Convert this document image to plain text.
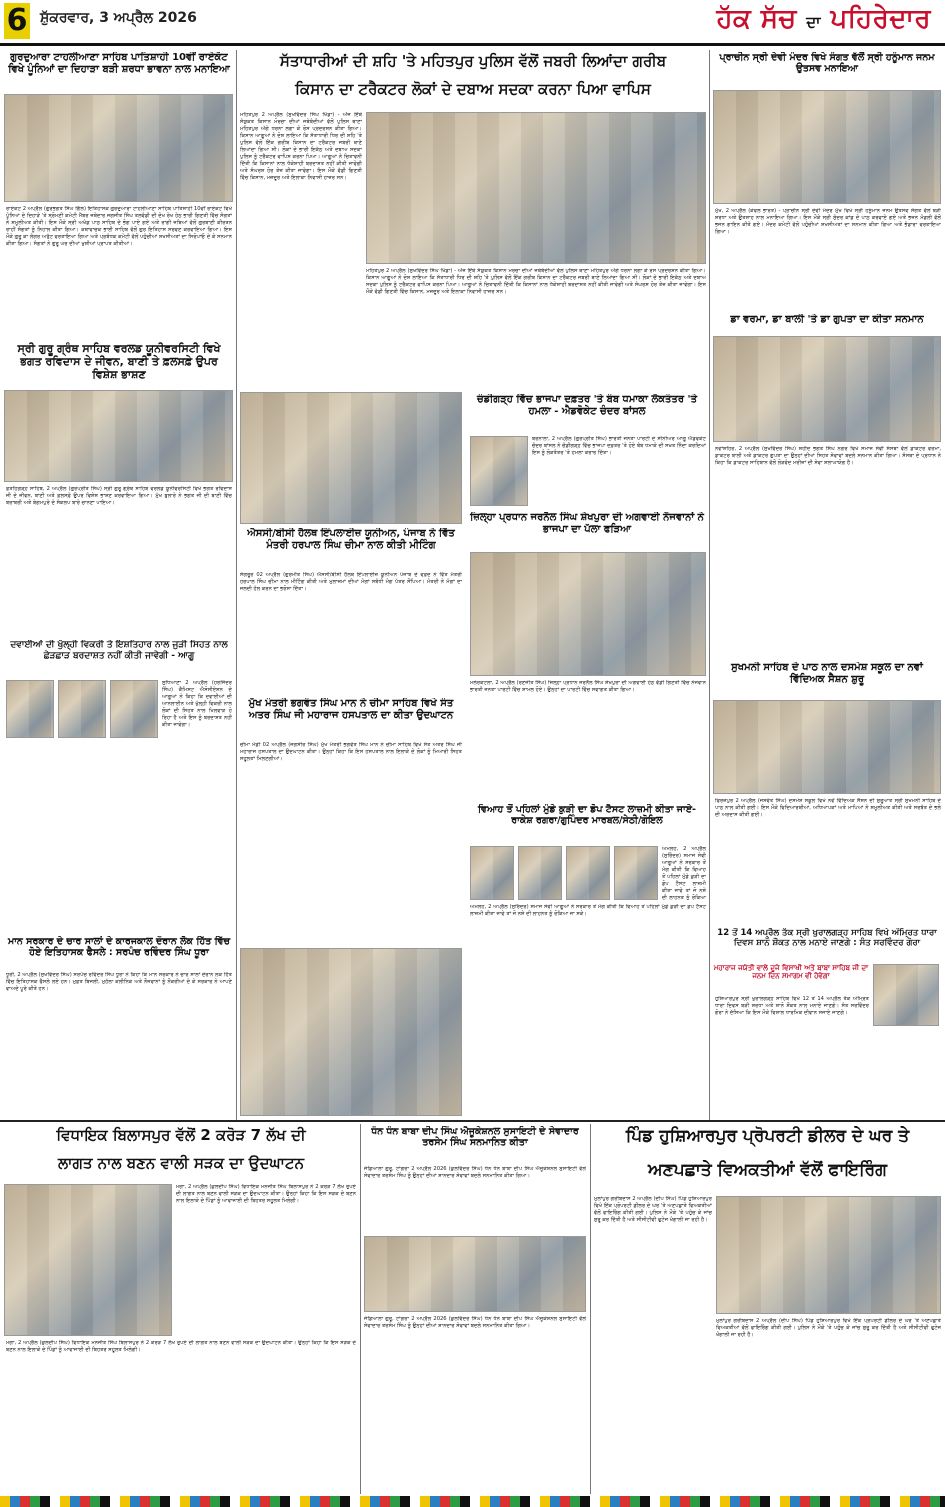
6 ਸ਼ੁੱਕਰਵਾਰ, 3 ਅਪ੍ਰੈਲ 2026	ਹੱਕ ਸੱਚ ਦਾ ਪਹਿਰੇਦਾਰ
ਗੁਰਦੁਆਰਾ ਟਾਹਲੀਆਣਾ ਸਾਹਿਬ ਪਾਤਿਸ਼ਾਹੀ 10ਵੀਂ ਰਾਏਕੋਟ ਵਿਖੇ ਪੂੰਨਿਆਂ ਦਾ ਦਿਹਾੜਾ ਬੜੀ ਸ਼ਰਧਾ ਭਾਵਨਾ ਨਾਲ ਮਨਾਇਆ
ਰਾਏਕੋਟ 2 ਅਪ੍ਰੈਲ (ਗੁਰਭਗਤ ਸਿੰਘ ਗਿੱਲ) ਇਤਿਹਾਸਕ ਗੁਰਦੁਆਰਾ ਟਾਹਲੀਆਣਾ ਸਾਹਿਬ ਪਾਤਿਸ਼ਾਹੀ 10ਵੀਂ ਰਾਏਕੋਟ ਵਿਖੇ ਪੂੰਨਿਆਂ ਦੇ ਦਿਹਾੜੇ 'ਤੇ ਸ੍ਰੋਮਣੀ ਕਮੇਟੀ ਮੈਂਬਰ ਜਥੇਦਾਰ ਜਗਜੀਤ ਸਿੰਘ ਤਲਵੰਡੀ ਦੀ ਦੇਖ ਰੇਖ ਹੇਠ ਭਾਰੀ ਗਿਣਤੀ ਵਿੱਚ ਸੰਗਤਾਂ ਨੇ ਸ਼ਮੂਲੀਅਤ ਕੀਤੀ। ਇਸ ਮੌਕੇ ਸ੍ਰੀ ਅਖੰਡ ਪਾਠ ਸਾਹਿਬ ਦੇ ਭੋਗ ਪਾਏ ਗਏ ਅਤੇ ਰਾਗੀ ਜਥਿਆਂ ਵੱਲੋਂ ਗੁਰਬਾਣੀ ਕੀਰਤਨ ਰਾਹੀਂ ਸੰਗਤਾਂ ਨੂੰ ਨਿਹਾਲ ਕੀਤਾ ਗਿਆ। ਕਥਾਵਾਚਕ ਭਾਈ ਸਾਹਿਬ ਵੱਲੋਂ ਗੁਰ ਇਤਿਹਾਸ ਸਰਵਣ ਕਰਵਾਇਆ ਗਿਆ। ਇਸ ਮੌਕੇ ਗੁਰੂ ਕਾ ਲੰਗਰ ਅਤੁੱਟ ਵਰਤਾਇਆ ਗਿਆ ਅਤੇ ਪ੍ਰਬੰਧਕ ਕਮੇਟੀ ਵੱਲੋਂ ਪਹੁੰਚੀਆਂ ਸ਼ਖਸੀਅਤਾਂ ਦਾ ਸਿਰੋਪਾਓ ਦੇ ਕੇ ਸਨਮਾਨ ਕੀਤਾ ਗਿਆ। ਸੰਗਤਾਂ ਨੇ ਗੁਰੂ ਘਰ ਦੀਆਂ ਖੁਸ਼ੀਆਂ ਪ੍ਰਾਪਤ ਕੀਤੀਆਂ।
ਸ੍ਰੀ ਗੁਰੂ ਗ੍ਰੰਥ ਸਾਹਿਬ ਵਰਲਡ ਯੂਨੀਵਰਸਿਟੀ ਵਿਖੇ ਭਗਤ ਰਵਿਦਾਸ ਦੇ ਜੀਵਨ, ਬਾਣੀ ਤੇ ਫ਼ਲਸਫ਼ੇ ਉਪਰ ਵਿਸ਼ੇਸ਼ ਭਾਸ਼ਣ
ਫ਼ਤਹਿਗੜ੍ਹ ਸਾਹਿਬ, 2 ਅਪ੍ਰੈਲ (ਗੁਰਪ੍ਰੀਤ ਸਿੰਘ) ਸ੍ਰੀ ਗੁਰੂ ਗ੍ਰੰਥ ਸਾਹਿਬ ਵਰਲਡ ਯੂਨੀਵਰਸਿਟੀ ਵਿਖੇ ਭਗਤ ਰਵਿਦਾਸ ਜੀ ਦੇ ਜੀਵਨ, ਬਾਣੀ ਅਤੇ ਫ਼ਲਸਫ਼ੇ ਉਪਰ ਵਿਸ਼ੇਸ਼ ਭਾਸ਼ਣ ਕਰਵਾਇਆ ਗਿਆ। ਮੁੱਖ ਬੁਲਾਰੇ ਨੇ ਭਗਤ ਜੀ ਦੀ ਬਾਣੀ ਵਿੱਚ ਬਰਾਬਰੀ ਅਤੇ ਬੇਗਮਪੁਰੇ ਦੇ ਸੰਕਲਪ ਬਾਰੇ ਚਾਨਣਾ ਪਾਇਆ।
ਦਵਾਈਆਂ ਦੀ ਖੁੱਲ੍ਹੀ ਵਿਕਰੀ ਤੇ ਇਸ਼ਤਿਹਾਰ ਨਾਲ ਜੁੜੀ ਸਿਹਤ ਨਾਲ ਛੇੜਛਾੜ ਬਰਦਾਸ਼ਤ ਨਹੀਂ ਕੀਤੀ ਜਾਵੇਗੀ - ਆਗੂ
ਲੁਧਿਆਣਾ 2 ਅਪ੍ਰੈਲ (ਹਰਜਿੰਦਰ ਸਿੰਘ) ਕੈਮਿਸਟ ਐਸੋਸੀਏਸ਼ਨ ਦੇ ਆਗੂਆਂ ਨੇ ਕਿਹਾ ਕਿ ਦਵਾਈਆਂ ਦੀ ਆਨਲਾਈਨ ਅਤੇ ਖੁੱਲ੍ਹੀ ਵਿਕਰੀ ਨਾਲ ਲੋਕਾਂ ਦੀ ਸਿਹਤ ਨਾਲ ਖਿਲਵਾੜ ਹੋ ਰਿਹਾ ਹੈ ਅਤੇ ਇਸ ਨੂੰ ਬਰਦਾਸ਼ਤ ਨਹੀਂ ਕੀਤਾ ਜਾਵੇਗਾ।
ਮਾਨ ਸਰਕਾਰ ਦੇ ਚਾਰ ਸਾਲਾਂ ਦੇ ਕਾਰਜਕਾਲ ਦੌਰਾਨ ਲੋਕ ਹਿੱਤ ਵਿੱਚ ਹੋਏ ਇਤਿਹਾਸਕ ਫੈਸਲੇ : ਸਰਪੰਚ ਰਵਿੰਦਰ ਸਿੰਘ ਧੂਰਾ
ਧੂਰੀ, 2 ਅਪ੍ਰੈਲ (ਸੁਖਵਿੰਦਰ ਸਿੰਘ) ਸਰਪੰਚ ਰਵਿੰਦਰ ਸਿੰਘ ਧੂਰਾ ਨੇ ਕਿਹਾ ਕਿ ਮਾਨ ਸਰਕਾਰ ਨੇ ਚਾਰ ਸਾਲਾਂ ਦੌਰਾਨ ਲੋਕ ਹਿੱਤ ਵਿੱਚ ਇਤਿਹਾਸਕ ਫੈਸਲੇ ਲਏ ਹਨ। ਮੁਫ਼ਤ ਬਿਜਲੀ, ਮੁਹੱਲਾ ਕਲੀਨਿਕ ਅਤੇ ਨੌਜਵਾਨਾਂ ਨੂੰ ਨੌਕਰੀਆਂ ਦੇ ਕੇ ਸਰਕਾਰ ਨੇ ਆਪਣੇ ਵਾਅਦੇ ਪੂਰੇ ਕੀਤੇ ਹਨ।
ਸੱਤਾਧਾਰੀਆਂ ਦੀ ਸ਼ਹਿ 'ਤੇ ਮਹਿਤਪੁਰ ਪੁਲਿਸ ਵੱਲੋਂ ਜਬਰੀ ਲਿਆਂਦਾ ਗਰੀਬ
ਕਿਸਾਨ ਦਾ ਟਰੈਕਟਰ ਲੋਕਾਂ ਦੇ ਦਬਾਅ ਸਦਕਾ ਕਰਨਾ ਪਿਆ ਵਾਪਿਸ
ਮਹਿਤਪੁਰ 2 ਅਪ੍ਰੈਲ (ਸੁਖਵਿੰਦਰ ਸਿੰਘ ਖਿੰਡਾ) - ਅੱਜ ਇੱਥੇ ਸੰਯੁਕਤ ਕਿਸਾਨ ਮੋਰਚਾ ਦੀਆਂ ਜਥੇਬੰਦੀਆਂ ਵੱਲੋਂ ਪੁਲਿਸ ਥਾਣਾ ਮਹਿਤਪੁਰ ਅੱਗੇ ਧਰਨਾ ਲਗਾ ਕੇ ਰੋਸ ਪ੍ਰਦਰਸ਼ਨ ਕੀਤਾ ਗਿਆ। ਕਿਸਾਨ ਆਗੂਆਂ ਨੇ ਦੋਸ਼ ਲਾਇਆ ਕਿ ਸੱਤਾਧਾਰੀ ਧਿਰ ਦੀ ਸ਼ਹਿ 'ਤੇ ਪੁਲਿਸ ਵੱਲੋਂ ਇੱਕ ਗਰੀਬ ਕਿਸਾਨ ਦਾ ਟਰੈਕਟਰ ਜਬਰੀ ਥਾਣੇ ਲਿਆਂਦਾ ਗਿਆ ਸੀ। ਲੋਕਾਂ ਦੇ ਭਾਰੀ ਇਕੱਠ ਅਤੇ ਦਬਾਅ ਸਦਕਾ ਪੁਲਿਸ ਨੂੰ ਟਰੈਕਟਰ ਵਾਪਿਸ ਕਰਨਾ ਪਿਆ। ਆਗੂਆਂ ਨੇ ਚਿਤਾਵਨੀ ਦਿੱਤੀ ਕਿ ਕਿਸਾਨਾਂ ਨਾਲ ਧੱਕੇਸ਼ਾਹੀ ਬਰਦਾਸ਼ਤ ਨਹੀਂ ਕੀਤੀ ਜਾਵੇਗੀ ਅਤੇ ਸੰਘਰਸ਼ ਹੋਰ ਤੇਜ਼ ਕੀਤਾ ਜਾਵੇਗਾ। ਇਸ ਮੌਕੇ ਵੱਡੀ ਗਿਣਤੀ ਵਿੱਚ ਕਿਸਾਨ, ਮਜ਼ਦੂਰ ਅਤੇ ਇਲਾਕਾ ਨਿਵਾਸੀ ਹਾਜ਼ਰ ਸਨ।
ਮਹਿਤਪੁਰ 2 ਅਪ੍ਰੈਲ (ਸੁਖਵਿੰਦਰ ਸਿੰਘ ਖਿੰਡਾ) - ਅੱਜ ਇੱਥੇ ਸੰਯੁਕਤ ਕਿਸਾਨ ਮੋਰਚਾ ਦੀਆਂ ਜਥੇਬੰਦੀਆਂ ਵੱਲੋਂ ਪੁਲਿਸ ਥਾਣਾ ਮਹਿਤਪੁਰ ਅੱਗੇ ਧਰਨਾ ਲਗਾ ਕੇ ਰੋਸ ਪ੍ਰਦਰਸ਼ਨ ਕੀਤਾ ਗਿਆ। ਕਿਸਾਨ ਆਗੂਆਂ ਨੇ ਦੋਸ਼ ਲਾਇਆ ਕਿ ਸੱਤਾਧਾਰੀ ਧਿਰ ਦੀ ਸ਼ਹਿ 'ਤੇ ਪੁਲਿਸ ਵੱਲੋਂ ਇੱਕ ਗਰੀਬ ਕਿਸਾਨ ਦਾ ਟਰੈਕਟਰ ਜਬਰੀ ਥਾਣੇ ਲਿਆਂਦਾ ਗਿਆ ਸੀ। ਲੋਕਾਂ ਦੇ ਭਾਰੀ ਇਕੱਠ ਅਤੇ ਦਬਾਅ ਸਦਕਾ ਪੁਲਿਸ ਨੂੰ ਟਰੈਕਟਰ ਵਾਪਿਸ ਕਰਨਾ ਪਿਆ। ਆਗੂਆਂ ਨੇ ਚਿਤਾਵਨੀ ਦਿੱਤੀ ਕਿ ਕਿਸਾਨਾਂ ਨਾਲ ਧੱਕੇਸ਼ਾਹੀ ਬਰਦਾਸ਼ਤ ਨਹੀਂ ਕੀਤੀ ਜਾਵੇਗੀ ਅਤੇ ਸੰਘਰਸ਼ ਹੋਰ ਤੇਜ਼ ਕੀਤਾ ਜਾਵੇਗਾ। ਇਸ ਮੌਕੇ ਵੱਡੀ ਗਿਣਤੀ ਵਿੱਚ ਕਿਸਾਨ, ਮਜ਼ਦੂਰ ਅਤੇ ਇਲਾਕਾ ਨਿਵਾਸੀ ਹਾਜ਼ਰ ਸਨ।
ਐਸਸੀ/ਬੀਸੀ ਹੈਲਥ ਇੰਪਲਾਈਜ਼ ਯੂਨੀਅਨ, ਪੰਜਾਬ ਨੇ ਵਿੱਤ ਮੰਤਰੀ ਹਰਪਾਲ ਸਿੰਘ ਚੀਮਾ ਨਾਲ ਕੀਤੀ ਮੀਟਿੰਗ
ਸੰਗਰੂਰ 02 ਅਪ੍ਰੈਲ (ਗੁਰਮੀਤ ਸਿੰਘ) ਐਸਸੀ/ਬੀਸੀ ਹੈਲਥ ਇੰਪਲਾਈਜ਼ ਯੂਨੀਅਨ ਪੰਜਾਬ ਦੇ ਵਫ਼ਦ ਨੇ ਵਿੱਤ ਮੰਤਰੀ ਹਰਪਾਲ ਸਿੰਘ ਚੀਮਾ ਨਾਲ ਮੀਟਿੰਗ ਕੀਤੀ ਅਤੇ ਮੁਲਾਜ਼ਮਾਂ ਦੀਆਂ ਮੰਗਾਂ ਸਬੰਧੀ ਮੰਗ ਪੱਤਰ ਸੌਂਪਿਆ। ਮੰਤਰੀ ਨੇ ਮੰਗਾਂ ਦਾ ਜਲਦੀ ਹੱਲ ਕਰਨ ਦਾ ਭਰੋਸਾ ਦਿੱਤਾ।
ਮੁੱਖ ਮੰਤਰੀ ਭਗਵੰਤ ਸਿੰਘ ਮਾਨ ਨੇ ਚੀਮਾ ਸਾਹਿਬ ਵਿਖੇ ਸੰਤ ਅਤਰ ਸਿੰਘ ਜੀ ਮਹਾਰਾਜ ਹਸਪਤਾਲ ਦਾ ਕੀਤਾ ਉਦਘਾਟਨ
ਚੀਮਾ ਮੰਡੀ 02 ਅਪ੍ਰੈਲ (ਜਗਸੀਰ ਸਿੰਘ) ਮੁੱਖ ਮੰਤਰੀ ਭਗਵੰਤ ਸਿੰਘ ਮਾਨ ਨੇ ਚੀਮਾ ਸਾਹਿਬ ਵਿਖੇ ਸੰਤ ਅਤਰ ਸਿੰਘ ਜੀ ਮਹਾਰਾਜ ਹਸਪਤਾਲ ਦਾ ਉਦਘਾਟਨ ਕੀਤਾ। ਉਨ੍ਹਾਂ ਕਿਹਾ ਕਿ ਇਸ ਹਸਪਤਾਲ ਨਾਲ ਇਲਾਕੇ ਦੇ ਲੋਕਾਂ ਨੂੰ ਮਿਆਰੀ ਸਿਹਤ ਸਹੂਲਤਾਂ ਮਿਲਣਗੀਆਂ।
ਚੰਡੀਗੜ੍ਹ ਵਿੱਚ ਭਾਜਪਾ ਦਫ਼ਤਰ 'ਤੇ ਬੰਬ ਧਮਾਕਾ ਲੋਕਤੰਤਰ 'ਤੇ ਹਮਲਾ - ਐਡਵੋਕੇਟ ਚੰਦਰ ਬਾਂਸਲ
ਬਰਨਾਲਾ, 2 ਅਪ੍ਰੈਲ (ਗੁਰਪ੍ਰੀਤ ਸਿੰਘ) ਭਾਰਤੀ ਜਨਤਾ ਪਾਰਟੀ ਦੇ ਸੀਨੀਅਰ ਆਗੂ ਐਡਵੋਕੇਟ ਚੰਦਰ ਬਾਂਸਲ ਨੇ ਚੰਡੀਗੜ੍ਹ ਵਿੱਚ ਭਾਜਪਾ ਦਫ਼ਤਰ 'ਤੇ ਹੋਏ ਬੰਬ ਧਮਾਕੇ ਦੀ ਸਖ਼ਤ ਨਿੰਦਾ ਕਰਦਿਆਂ ਇਸ ਨੂੰ ਲੋਕਤੰਤਰ 'ਤੇ ਹਮਲਾ ਕਰਾਰ ਦਿੱਤਾ।
ਜ਼ਿਲ੍ਹਾ ਪ੍ਰਧਾਨ ਜਰਨੈਲ ਸਿੰਘ ਸ਼ੇਖਪੁਰਾ ਦੀ ਅਗਵਾਈ ਨੌਜਵਾਨਾਂ ਨੇ ਭਾਜਪਾ ਦਾ ਪੱਲਾ ਫੜਿਆ
ਮਲੇਰਕੋਟਲਾ, 2 ਅਪ੍ਰੈਲ (ਰਣਜੀਤ ਸਿੰਘ) ਜ਼ਿਲ੍ਹਾ ਪ੍ਰਧਾਨ ਜਰਨੈਲ ਸਿੰਘ ਸ਼ੇਖਪੁਰਾ ਦੀ ਅਗਵਾਈ ਹੇਠ ਵੱਡੀ ਗਿਣਤੀ ਵਿੱਚ ਨੌਜਵਾਨ ਭਾਰਤੀ ਜਨਤਾ ਪਾਰਟੀ ਵਿੱਚ ਸ਼ਾਮਲ ਹੋਏ। ਉਨ੍ਹਾਂ ਦਾ ਪਾਰਟੀ ਵਿੱਚ ਸਵਾਗਤ ਕੀਤਾ ਗਿਆ।
ਵਿਆਹ ਤੋਂ ਪਹਿਲਾਂ ਮੁੰਡੇ ਕੁੜੀ ਦਾ ਡੋਪ ਟੈਸਟ ਲਾਜ਼ਮੀ ਕੀਤਾ ਜਾਏ-ਰਾਕੇਸ਼ ਰਗਰਾ/ਗੁਪਿੰਦਰ ਮਾਰਬਲ/ਸੇਠੀ/ਗੋਇਲ
ਅਮਲੋਹ, 2 ਅਪ੍ਰੈਲ (ਸੁਰਿੰਦਰ) ਸਮਾਜ ਸੇਵੀ ਆਗੂਆਂ ਨੇ ਸਰਕਾਰ ਤੋਂ ਮੰਗ ਕੀਤੀ ਕਿ ਵਿਆਹ ਤੋਂ ਪਹਿਲਾਂ ਮੁੰਡੇ ਕੁੜੀ ਦਾ ਡੋਪ ਟੈਸਟ ਲਾਜ਼ਮੀ ਕੀਤਾ ਜਾਵੇ ਤਾਂ ਜੋ ਨਸ਼ੇ ਦੀ ਲਾਹਨਤ ਨੂੰ ਰੋਕਿਆ
ਅਮਲੋਹ, 2 ਅਪ੍ਰੈਲ (ਸੁਰਿੰਦਰ) ਸਮਾਜ ਸੇਵੀ ਆਗੂਆਂ ਨੇ ਸਰਕਾਰ ਤੋਂ ਮੰਗ ਕੀਤੀ ਕਿ ਵਿਆਹ ਤੋਂ ਪਹਿਲਾਂ ਮੁੰਡੇ ਕੁੜੀ ਦਾ ਡੋਪ ਟੈਸਟ ਲਾਜ਼ਮੀ ਕੀਤਾ ਜਾਵੇ ਤਾਂ ਜੋ ਨਸ਼ੇ ਦੀ ਲਾਹਨਤ ਨੂੰ ਰੋਕਿਆ ਜਾ ਸਕੇ।
ਪ੍ਰਾਚੀਨ ਸ੍ਰੀ ਦੇਵੀ ਮੰਦਰ ਵਿਖੇ ਸੰਗਤ ਵੱਲੋਂ ਸ੍ਰੀ ਹਨੂੰਮਾਨ ਜਨਮ ਉਤਸਵ ਮਨਾਇਆ
ਮੁੱਖ, 2 ਅਪ੍ਰੈਲ (ਕੇਵਲ ਭਾਰਤ) - ਪ੍ਰਾਚੀਨ ਸ੍ਰੀ ਦੇਵੀ ਮੰਦਰ ਮੁੱਖ ਵਿਖੇ ਸ੍ਰੀ ਹਨੂੰਮਾਨ ਜਨਮ ਉਤਸਵ ਸੰਗਤ ਵੱਲੋਂ ਬੜੀ ਸ਼ਰਧਾ ਅਤੇ ਉਤਸ਼ਾਹ ਨਾਲ ਮਨਾਇਆ ਗਿਆ। ਇਸ ਮੌਕੇ ਸ੍ਰੀ ਸੁੰਦਰ ਕਾਂਡ ਦੇ ਪਾਠ ਕਰਵਾਏ ਗਏ ਅਤੇ ਭਜਨ ਮੰਡਲੀ ਵੱਲੋਂ ਭਜਨ ਗਾਇਨ ਕੀਤੇ ਗਏ। ਮੰਦਰ ਕਮੇਟੀ ਵੱਲੋਂ ਪਹੁੰਚੀਆਂ ਸ਼ਖਸੀਅਤਾਂ ਦਾ ਸਨਮਾਨ ਕੀਤਾ ਗਿਆ ਅਤੇ ਭੰਡਾਰਾ ਵਰਤਾਇਆ ਗਿਆ।
ਡਾ ਵਰਮਾ, ਡਾ ਬਾਲੀ 'ਤੇ ਡਾ ਗੁਪਤਾ ਦਾ ਕੀਤਾ ਸਨਮਾਨ
ਨਵਾਂਸ਼ਹਿਰ, 2 ਅਪ੍ਰੈਲ (ਸੁਖਵਿੰਦਰ ਸਿੰਘ) ਸ਼ਹੀਦ ਭਗਤ ਸਿੰਘ ਨਗਰ ਵਿਖੇ ਸਮਾਜ ਸੇਵੀ ਸੰਸਥਾ ਵੱਲੋਂ ਡਾਕਟਰ ਵਰਮਾ, ਡਾਕਟਰ ਬਾਲੀ ਅਤੇ ਡਾਕਟਰ ਗੁਪਤਾ ਦਾ ਉਨ੍ਹਾਂ ਦੀਆਂ ਸਿਹਤ ਸੇਵਾਵਾਂ ਬਦਲੇ ਸਨਮਾਨ ਕੀਤਾ ਗਿਆ। ਸੰਸਥਾ ਦੇ ਪ੍ਰਧਾਨ ਨੇ ਕਿਹਾ ਕਿ ਡਾਕਟਰ ਸਾਹਿਬਾਨ ਵੱਲੋਂ ਲੋੜਵੰਦ ਮਰੀਜ਼ਾਂ ਦੀ ਸੇਵਾ ਸ਼ਲਾਘਾਯੋਗ ਹੈ।
ਸੁਖਮਨੀ ਸਾਹਿਬ ਦੇ ਪਾਠ ਨਾਲ ਦਸਮੇਸ਼ ਸਕੂਲ ਦਾ ਨਵਾਂ ਵਿੱਦਿਅਕ ਸੈਸ਼ਨ ਸ਼ੁਰੂ
ਫਿਰੋਜ਼ਪੁਰ 2 ਅਪ੍ਰੈਲ (ਜਸਵੰਤ ਸਿੰਘ) ਦਸਮੇਸ਼ ਸਕੂਲ ਵਿਖੇ ਨਵੇਂ ਵਿੱਦਿਅਕ ਸੈਸ਼ਨ ਦੀ ਸ਼ੁਰੂਆਤ ਸ੍ਰੀ ਸੁਖਮਨੀ ਸਾਹਿਬ ਦੇ ਪਾਠ ਨਾਲ ਕੀਤੀ ਗਈ। ਇਸ ਮੌਕੇ ਵਿਦਿਆਰਥੀਆਂ, ਅਧਿਆਪਕਾਂ ਅਤੇ ਮਾਪਿਆਂ ਨੇ ਸ਼ਮੂਲੀਅਤ ਕੀਤੀ ਅਤੇ ਸਰਬੱਤ ਦੇ ਭਲੇ ਦੀ ਅਰਦਾਸ ਕੀਤੀ ਗਈ।
12 ਤੋਂ 14 ਅਪ੍ਰੈਲ ਤੱਕ ਸ੍ਰੀ ਖੁਰਾਲਗੜ੍ਹ ਸਾਹਿਬ ਵਿਖੇ ਅੰਮ੍ਰਿਤ ਧਾਰਾ ਦਿਵਸ ਸ਼ਾਨੋ ਸ਼ੌਕਤ ਨਾਲ ਮਨਾਏ ਜਾਣਗੇ : ਸੰਤ ਸਰਵਿੰਦਰ ਗੋਰਾ
ਮਹਾਰਾਜ ਜਯੰਤੀ ਵਾਲੇ ਦੂਜੇ ਵਿਸਾਖੀ ਅਤੇ ਬਾਬਾ ਸਾਹਿਬ ਜੀ ਦਾ ਜਨਮ ਦਿਨ ਸਮਾਗਮ ਵੀ ਹੋਵੇਗਾ
ਹੁਸ਼ਿਆਰਪੁਰ ਸ੍ਰੀ ਖੁਰਾਲਗੜ੍ਹ ਸਾਹਿਬ ਵਿਖੇ 12 ਤੋਂ 14 ਅਪ੍ਰੈਲ ਤੱਕ ਅੰਮ੍ਰਿਤ ਧਾਰਾ ਦਿਵਸ ਬੜੀ ਸ਼ਰਧਾ ਅਤੇ ਸ਼ਾਨੋ ਸ਼ੌਕਤ ਨਾਲ ਮਨਾਏ ਜਾਣਗੇ। ਸੰਤ ਸਰਵਿੰਦਰ ਗੋਰਾ ਨੇ ਦੱਸਿਆ ਕਿ ਇਸ ਮੌਕੇ ਵਿਸ਼ਾਲ ਧਾਰਮਿਕ ਦੀਵਾਨ ਸਜਾਏ ਜਾਣਗੇ।
ਵਿਧਾਇਕ ਬਿਲਾਸਪੁਰ ਵੱਲੋਂ 2 ਕਰੋੜ 7 ਲੱਖ ਦੀ
ਲਾਗਤ ਨਾਲ ਬਣਨ ਵਾਲੀ ਸੜਕ ਦਾ ਉਦਘਾਟਨ
ਮੋਗਾ, 2 ਅਪ੍ਰੈਲ (ਕੁਲਦੀਪ ਸਿੰਘ) ਵਿਧਾਇਕ ਮਨਜੀਤ ਸਿੰਘ ਬਿਲਾਸਪੁਰ ਨੇ 2 ਕਰੋੜ 7 ਲੱਖ ਰੁਪਏ ਦੀ ਲਾਗਤ ਨਾਲ ਬਣਨ ਵਾਲੀ ਸੜਕ ਦਾ ਉਦਘਾਟਨ ਕੀਤਾ। ਉਨ੍ਹਾਂ ਕਿਹਾ ਕਿ ਇਸ ਸੜਕ ਦੇ ਬਣਨ ਨਾਲ ਇਲਾਕੇ ਦੇ ਪਿੰਡਾਂ ਨੂੰ ਆਵਾਜਾਈ ਦੀ ਬਿਹਤਰ ਸਹੂਲਤ ਮਿਲੇਗੀ।
ਮੋਗਾ, 2 ਅਪ੍ਰੈਲ (ਕੁਲਦੀਪ ਸਿੰਘ) ਵਿਧਾਇਕ ਮਨਜੀਤ ਸਿੰਘ ਬਿਲਾਸਪੁਰ ਨੇ 2 ਕਰੋੜ 7 ਲੱਖ ਰੁਪਏ ਦੀ ਲਾਗਤ ਨਾਲ ਬਣਨ ਵਾਲੀ ਸੜਕ ਦਾ ਉਦਘਾਟਨ ਕੀਤਾ। ਉਨ੍ਹਾਂ ਕਿਹਾ ਕਿ ਇਸ ਸੜਕ ਦੇ ਬਣਨ ਨਾਲ ਇਲਾਕੇ ਦੇ ਪਿੰਡਾਂ ਨੂੰ ਆਵਾਜਾਈ ਦੀ ਬਿਹਤਰ ਸਹੂਲਤ ਮਿਲੇਗੀ।
ਧੰਨ ਧੰਨ ਬਾਬਾ ਦੀਪ ਸਿੰਘ ਐਜੂਕੇਸ਼ਨਲ ਸੁਸਾਇਟੀ ਦੇ ਸੇਵਾਦਾਰ ਤਰਸੇਮ ਸਿੰਘ ਸਨਮਾਨਿਤ ਕੀਤਾ
ਜੰਡਿਆਲਾ ਗੁਰੂ, ਟਾਂਗਰਾ 2 ਅਪ੍ਰੈਲ 2026 (ਕੁਲਵਿੰਦਰ ਸਿੰਘ) ਧੰਨ ਧੰਨ ਬਾਬਾ ਦੀਪ ਸਿੰਘ ਐਜੂਕੇਸ਼ਨਲ ਸੁਸਾਇਟੀ ਵੱਲੋਂ ਸੇਵਾਦਾਰ ਤਰਸੇਮ ਸਿੰਘ ਨੂੰ ਉਨ੍ਹਾਂ ਦੀਆਂ ਸ਼ਾਨਦਾਰ ਸੇਵਾਵਾਂ ਬਦਲੇ ਸਨਮਾਨਿਤ ਕੀਤਾ ਗਿਆ।
ਜੰਡਿਆਲਾ ਗੁਰੂ, ਟਾਂਗਰਾ 2 ਅਪ੍ਰੈਲ 2026 (ਕੁਲਵਿੰਦਰ ਸਿੰਘ) ਧੰਨ ਧੰਨ ਬਾਬਾ ਦੀਪ ਸਿੰਘ ਐਜੂਕੇਸ਼ਨਲ ਸੁਸਾਇਟੀ ਵੱਲੋਂ ਸੇਵਾਦਾਰ ਤਰਸੇਮ ਸਿੰਘ ਨੂੰ ਉਨ੍ਹਾਂ ਦੀਆਂ ਸ਼ਾਨਦਾਰ ਸੇਵਾਵਾਂ ਬਦਲੇ ਸਨਮਾਨਿਤ ਕੀਤਾ ਗਿਆ।
ਪਿੰਡ ਹੁਸ਼ਿਆਰਪੁਰ ਪ੍ਰੋਪਰਟੀ ਡੀਲਰ ਦੇ ਘਰ ਤੇ
ਅਣਪਛਾਤੇ ਵਿਅਕਤੀਆਂ ਵੱਲੋਂ ਫਾਇਰਿੰਗ
ਮੁਲਾਂਪੁਰ ਗਰੀਬਦਾਸ 2 ਅਪ੍ਰੈਲ (ਦੀਪ ਸਿੰਘ) ਪਿੰਡ ਹੁਸ਼ਿਆਰਪੁਰ ਵਿਖੇ ਇੱਕ ਪ੍ਰੋਪਰਟੀ ਡੀਲਰ ਦੇ ਘਰ 'ਤੇ ਅਣਪਛਾਤੇ ਵਿਅਕਤੀਆਂ ਵੱਲੋਂ ਫਾਇਰਿੰਗ ਕੀਤੀ ਗਈ। ਪੁਲਿਸ ਨੇ ਮੌਕੇ 'ਤੇ ਪਹੁੰਚ ਕੇ ਜਾਂਚ ਸ਼ੁਰੂ ਕਰ ਦਿੱਤੀ ਹੈ ਅਤੇ ਸੀਸੀਟੀਵੀ ਫੁਟੇਜ ਖੰਗਾਲੀ ਜਾ ਰਹੀ ਹੈ।
ਮੁਲਾਂਪੁਰ ਗਰੀਬਦਾਸ 2 ਅਪ੍ਰੈਲ (ਦੀਪ ਸਿੰਘ) ਪਿੰਡ ਹੁਸ਼ਿਆਰਪੁਰ ਵਿਖੇ ਇੱਕ ਪ੍ਰੋਪਰਟੀ ਡੀਲਰ ਦੇ ਘਰ 'ਤੇ ਅਣਪਛਾਤੇ ਵਿਅਕਤੀਆਂ ਵੱਲੋਂ ਫਾਇਰਿੰਗ ਕੀਤੀ ਗਈ। ਪੁਲਿਸ ਨੇ ਮੌਕੇ 'ਤੇ ਪਹੁੰਚ ਕੇ ਜਾਂਚ ਸ਼ੁਰੂ ਕਰ ਦਿੱਤੀ ਹੈ ਅਤੇ ਸੀਸੀਟੀਵੀ ਫੁਟੇਜ ਖੰਗਾਲੀ ਜਾ ਰਹੀ ਹੈ।
